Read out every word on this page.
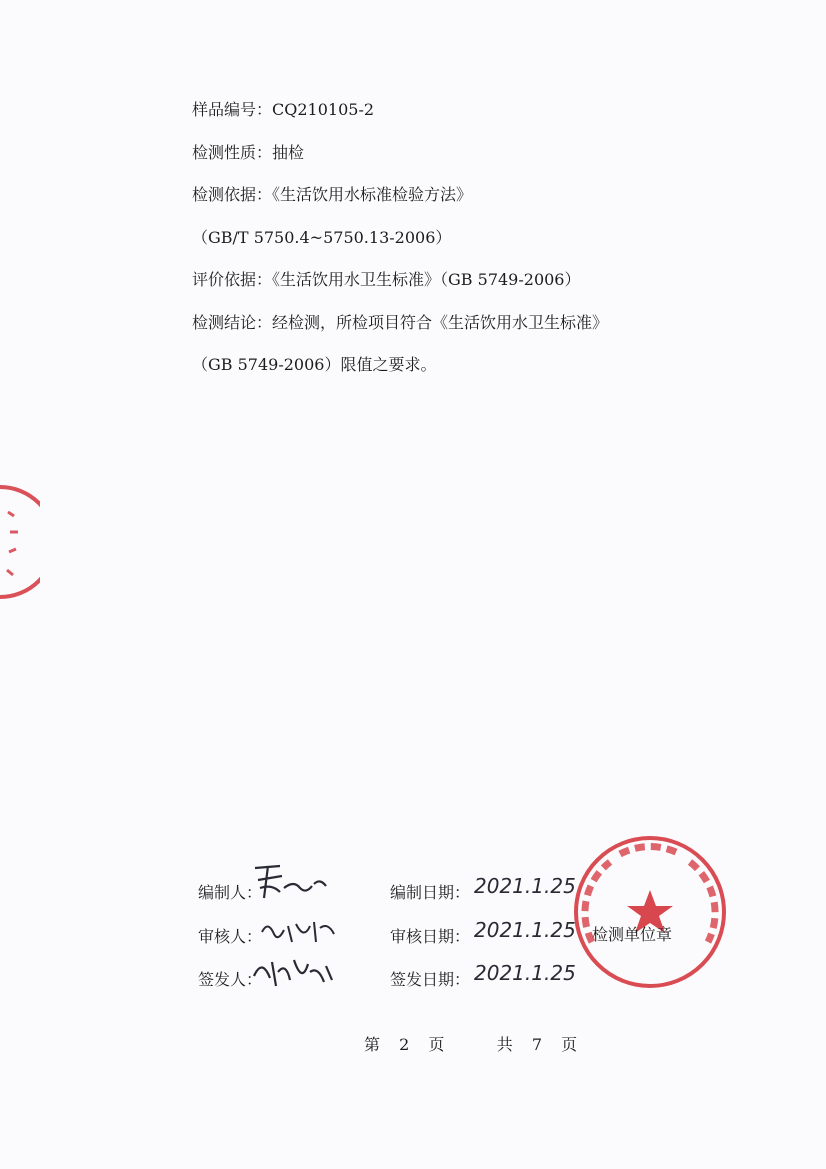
样品编号：CQ210105-2
检测性质：抽检
检测依据：《生活饮用水标准检验方法》
（GB/T 5750.4~5750.13-2006）
评价依据：《生活饮用水卫生标准》（GB 5749-2006）
检测结论：经检测，所检项目符合《生活饮用水卫生标准》
（GB 5749-2006）限值之要求。
编制人：	编制日期： 2021.1.25
审核人：	审核日期： 2021.1.25
签发人：	签发日期： 2021.1.25
检测单位章
第 2 页	共 7 页
